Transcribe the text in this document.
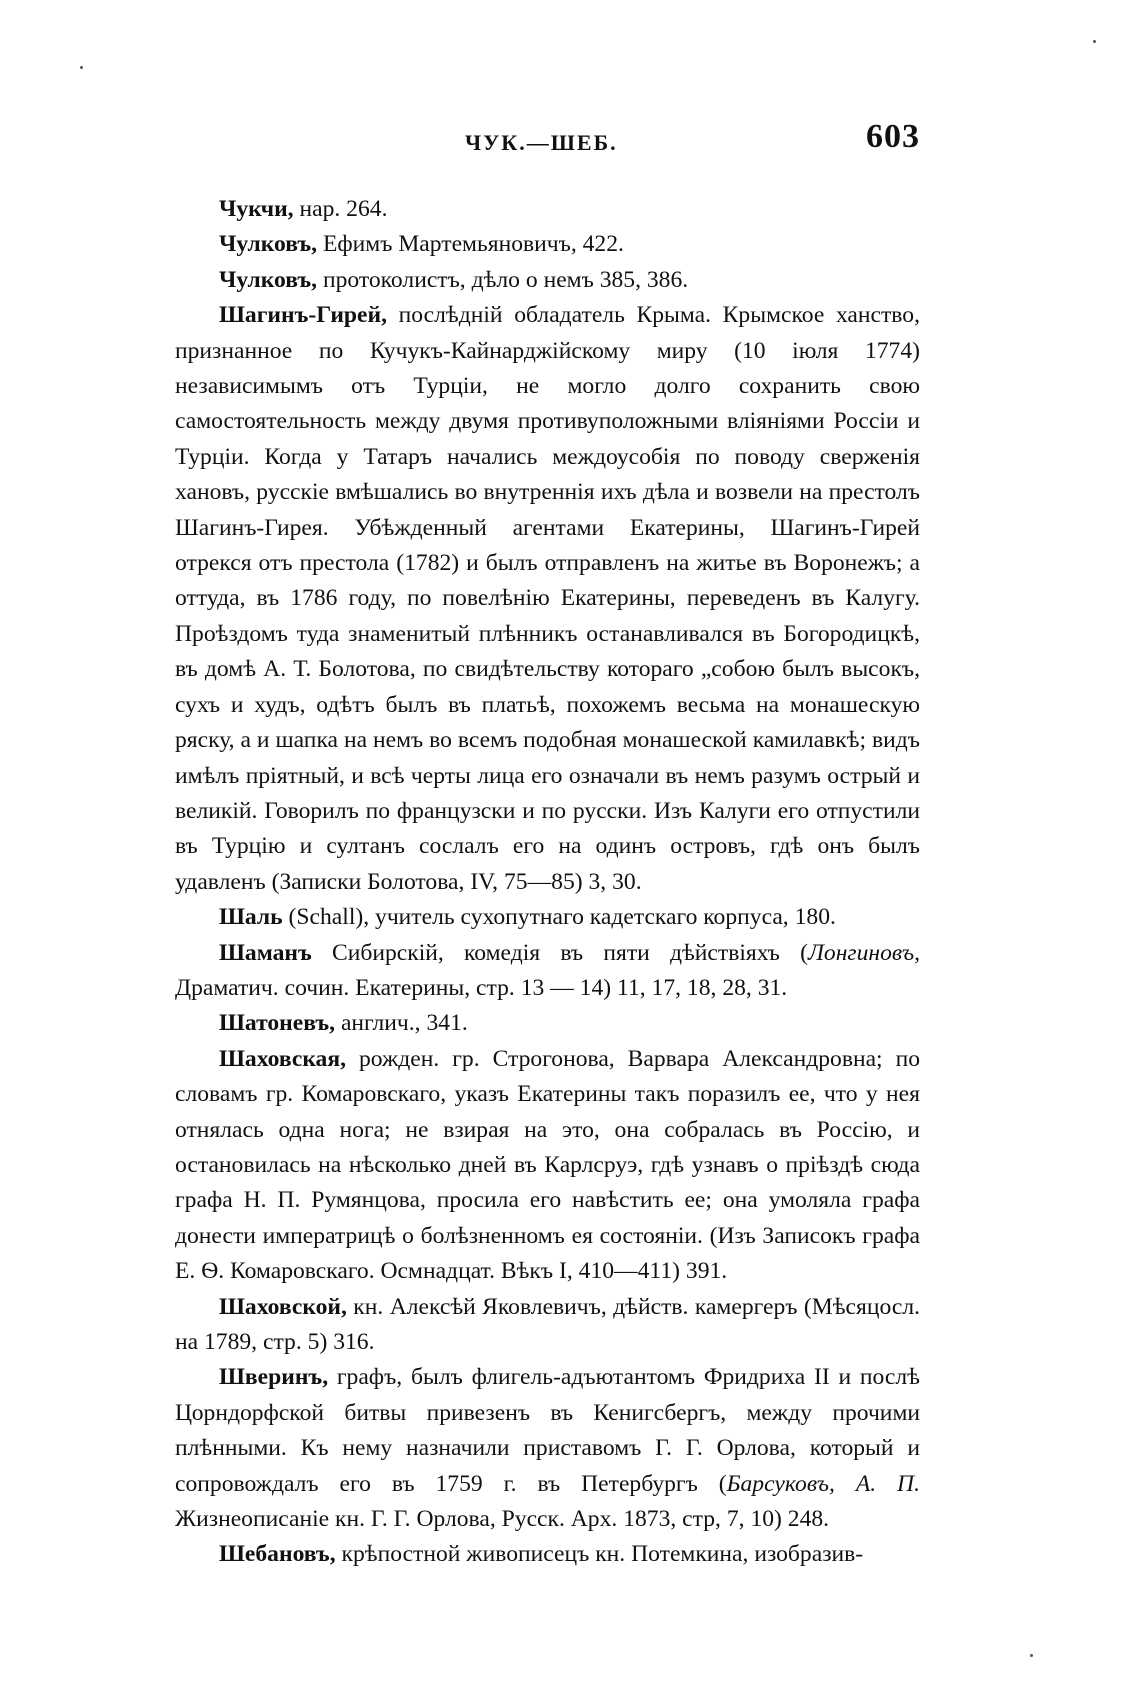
ЧУК.—ШЕБ.	603

Чукчи, нар. 264.

Чулковъ, Ефимъ Мартемьяновичъ, 422.

Чулковъ, протоколистъ, дѣло о немъ 385, 386.

Шагинъ-Гирей, послѣдній обладатель Крыма. Крымское ханство, признанное по Кучукъ-Кайнарджійскому миру (10 іюля 1774) независимымъ отъ Турціи, не могло долго сохранить свою самостоятельность между двумя противуположными вліяніями Россіи и Турціи. Когда у Татаръ начались междоусобія по поводу сверженія хановъ, русскіе вмѣшались во внутреннія ихъ дѣла и возвели на престолъ Шагинъ-Гирея. Убѣжденный агентами Екатерины, Шагинъ-Гирей отрекся отъ престола (1782) и былъ отправленъ на житье въ Воронежъ; а оттуда, въ 1786 году, по повелѣнію Екатерины, переведенъ въ Калугу. Проѣздомъ туда знаменитый плѣнникъ останавливался въ Богородицкѣ, въ домѣ А. Т. Болотова, по свидѣтельству котораго „собою былъ высокъ, сухъ и худъ, одѣтъ былъ въ платьѣ, похожемъ весьма на монашескую ряску, а и шапка на немъ во всемъ подобная монашеской камилавкѣ; видъ имѣлъ пріятный, и всѣ черты лица его означали въ немъ разумъ острый и великій. Говорилъ по французски и по русски. Изъ Калуги его отпустили въ Турцію и султанъ сослалъ его на одинъ островъ, гдѣ онъ былъ удавленъ (Записки Болотова, IV, 75—85) 3, 30.

Шаль (Schall), учитель сухопутнаго кадетскаго корпуса, 180.

Шаманъ Сибирскій, комедія въ пяти дѣйствіяхъ (Лонгиновъ, Драматич. сочин. Екатерины, стр. 13 — 14) 11, 17, 18, 28, 31.

Шатоневъ, англич., 341.

Шаховская, рожден. гр. Строгонова, Варвара Александровна; по словамъ гр. Комаровскаго, указъ Екатерины такъ поразилъ ее, что у нея отнялась одна нога; не взирая на это, она собралась въ Россію, и остановилась на нѣсколько дней въ Карлсруэ, гдѣ узнавъ о пріѣздѣ сюда графа Н. П. Румянцова, просила его навѣстить ее; она умоляла графа донести императрицѣ о болѣзненномъ ея состояніи. (Изъ Записокъ графа Е. Ѳ. Комаровскаго. Осмнадцат. Вѣкъ I, 410—411) 391.

Шаховской, кн. Алексѣй Яковлевичъ, дѣйств. камергеръ (Мѣсяцосл. на 1789, стр. 5) 316.

Шверинъ, графъ, былъ флигель-адъютантомъ Фридриха II и послѣ Цорндорфской битвы привезенъ въ Кенигсбергъ, между прочими плѣнными. Къ нему назначили приставомъ Г. Г. Орлова, который и сопровождалъ его въ 1759 г. въ Петербургъ (Барсуковъ, А. П. Жизнеописаніе кн. Г. Г. Орлова, Русск. Арх. 1873, стр, 7, 10) 248.

Шебановъ, крѣпостной живописецъ кн. Потемкина, изобразив-
